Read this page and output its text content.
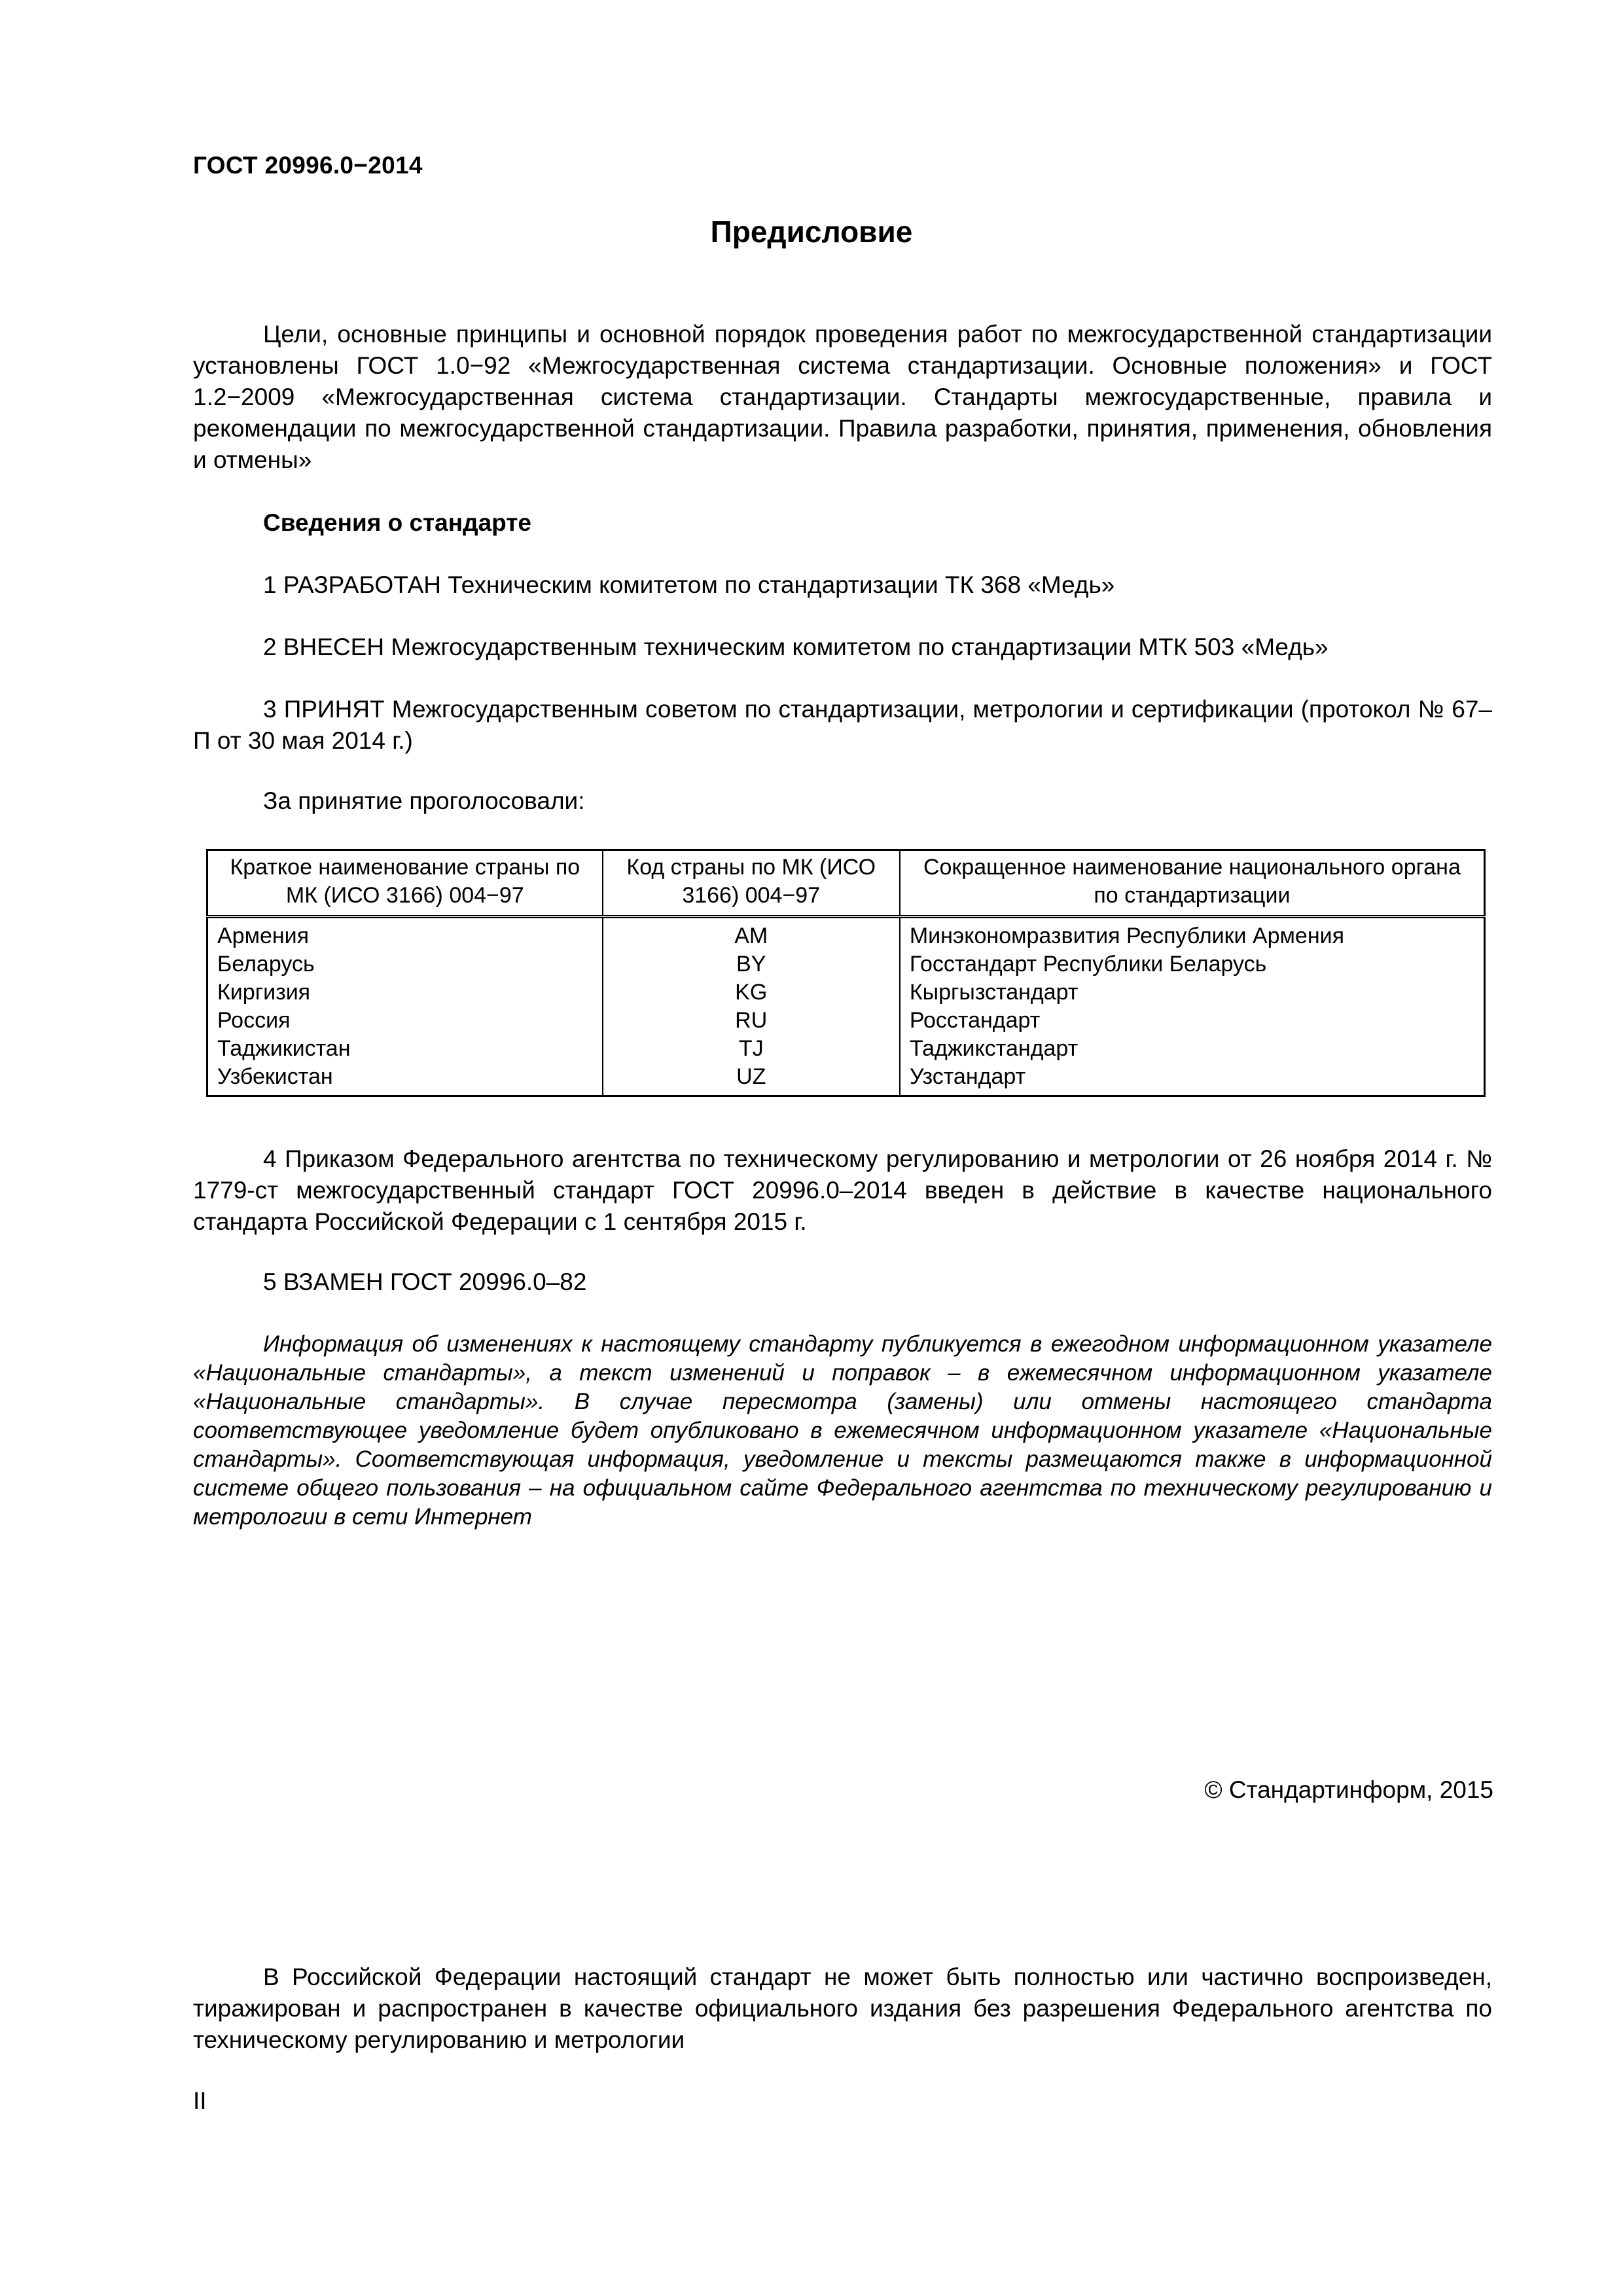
ГОСТ 20996.0−2014
Предисловие

Цели, основные принципы и основной порядок проведения работ по межгосударственной стандартизации установлены ГОСТ 1.0−92 «Межгосударственная система стандартизации. Основные положения» и ГОСТ 1.2−2009 «Межгосударственная система стандартизации. Стандарты межгосударственные, правила и рекомендации по межгосударственной стандартизации. Правила разработки, принятия, применения, обновления и отмены»

Сведения о стандарте

1 РАЗРАБОТАН Техническим комитетом по стандартизации ТК 368 «Медь»

2 ВНЕСЕН Межгосударственным техническим комитетом по стандартизации МТК 503 «Медь»

3 ПРИНЯТ Межгосударственным советом по стандартизации, метрологии и сертификации (протокол № 67–П от 30 мая 2014 г.)

За принятие проголосовали:
Краткое наименование страны по МК (ИСО 3166) 004−97	Код страны по МК (ИСО 3166) 004−97	Сокращенное наименование национального органа по стандартизации
Армения	AM	Минэкономразвития Республики Армения
Беларусь	BY	Госстандарт Республики Беларусь
Киргизия	KG	Кыргызстандарт
Россия	RU	Росстандарт
Таджикистан	TJ	Таджикстандарт
Узбекистан	UZ	Узстандарт

4 Приказом Федерального агентства по техническому регулированию и метрологии от 26 ноября 2014 г. № 1779-ст межгосударственный стандарт ГОСТ 20996.0–2014 введен в действие в качестве национального стандарта Российской Федерации с 1 сентября 2015 г.

5 ВЗАМЕН ГОСТ 20996.0–82

Информация об изменениях к настоящему стандарту публикуется в ежегодном информационном указателе «Национальные стандарты», а текст изменений и поправок – в ежемесячном информационном указателе «Национальные стандарты». В случае пересмотра (замены) или отмены настоящего стандарта соответствующее уведомление будет опубликовано в ежемесячном информационном указателе «Национальные стандарты». Соответствующая информация, уведомление и тексты размещаются также в информационной системе общего пользования – на официальном сайте Федерального агентства по техническому регулированию и метрологии в сети Интернет

© Стандартинформ, 2015

В Российской Федерации настоящий стандарт не может быть полностью или частично воспроизведен, тиражирован и распространен в качестве официального издания без разрешения Федерального агентства по техническому регулированию и метрологии

II
